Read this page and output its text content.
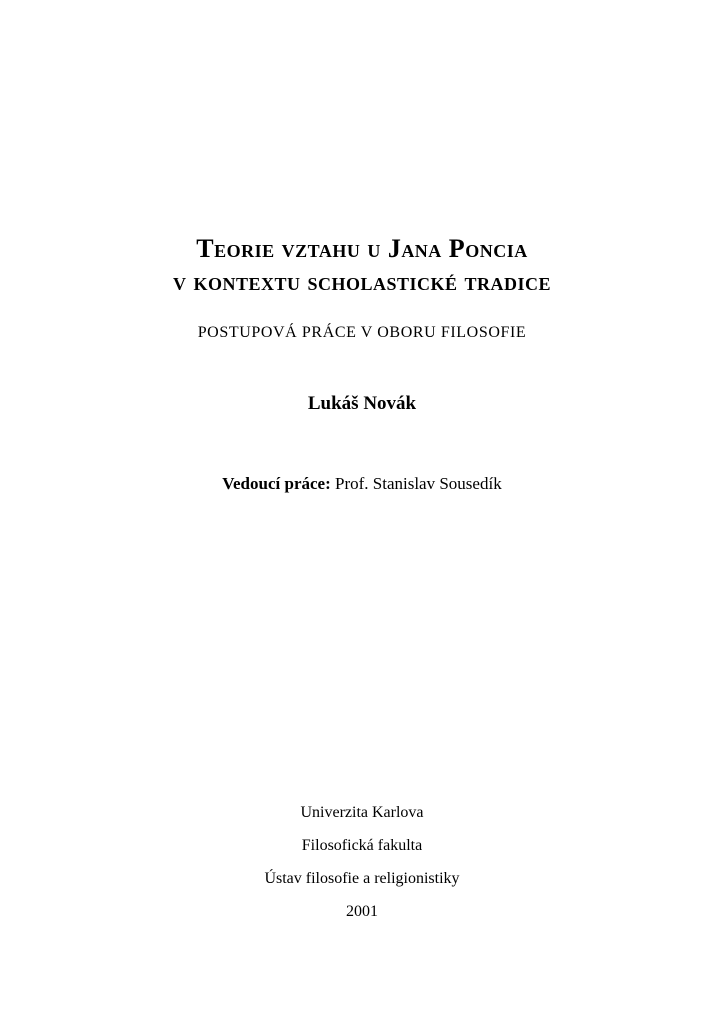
Teorie vztahu u Jana Poncia
v kontextu scholastické tradice
POSTUPOVÁ PRÁCE V OBORU FILOSOFIE
Lukáš Novák
Vedoucí práce: Prof. Stanislav Sousedík
Univerzita Karlova
Filosofická fakulta
Ústav filosofie a religionistiky
2001
